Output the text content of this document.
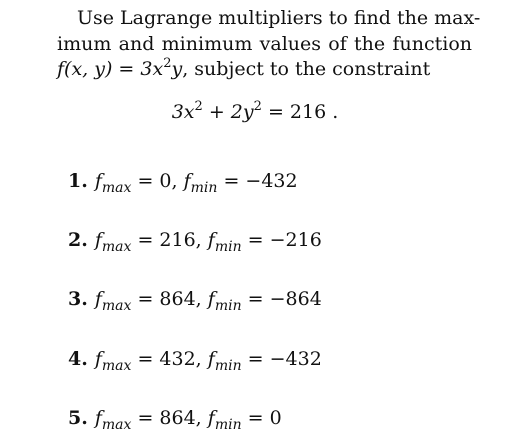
Use Lagrange multipliers to find the max-
imum and minimum values of the function
f(x, $y) = 3x^2y$, subject to the constraint
$3x^2 + 2y^2 = 216$ .
1. $f_{max} = 0$, $f_{min} = -432$
2. $f_{max} = 216$, $f_{min} = -216$
3. $f_{max} = 864$, $f_{min} = -864$
4. $f_{max} = 432$, $f_{min} = -432$
5. $f_{max} = 864$, $f_{min} = 0$
